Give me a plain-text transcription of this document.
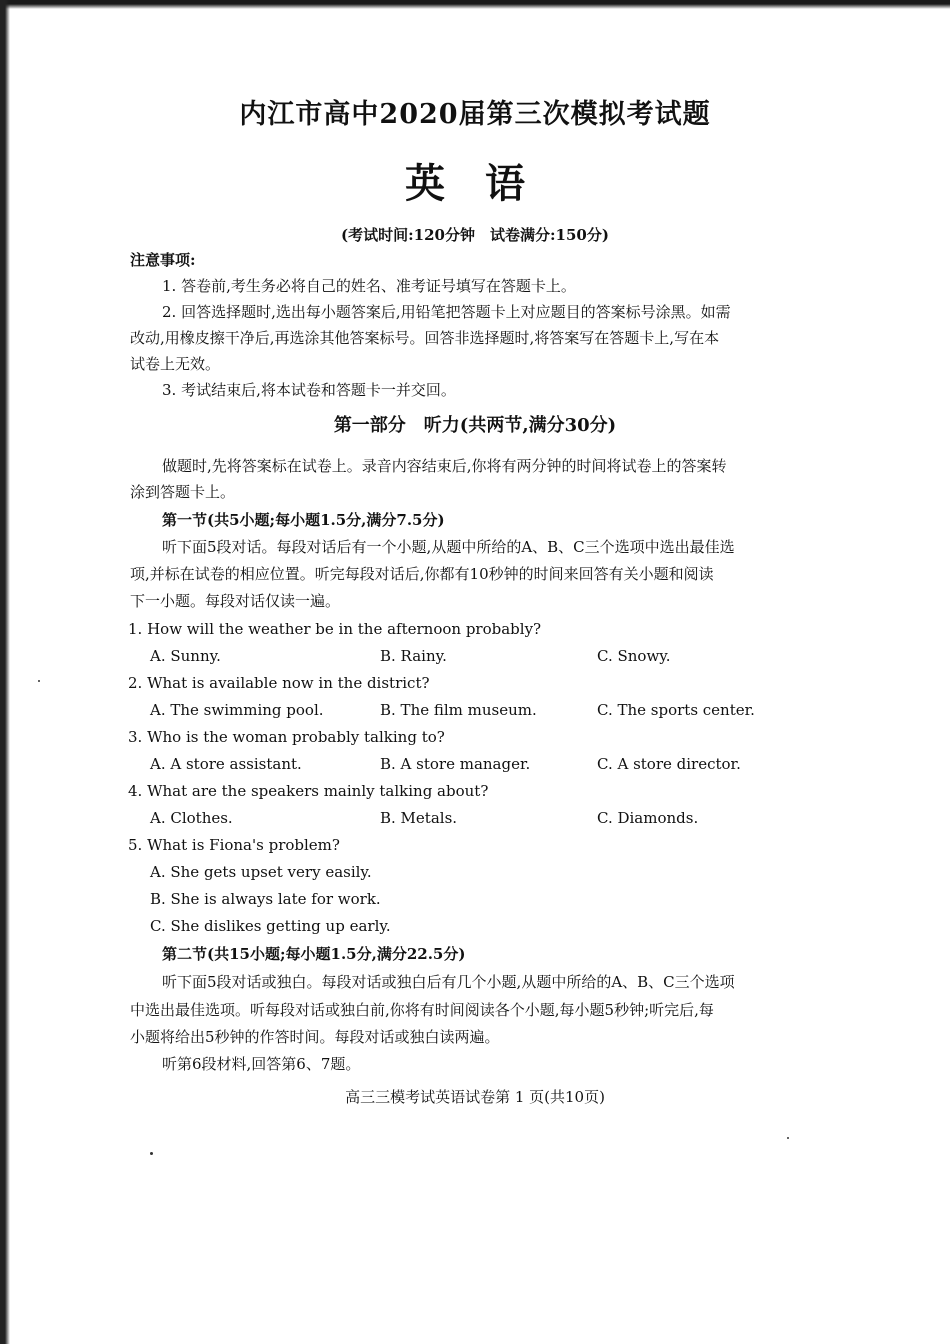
内江市高中2020届第三次模拟考试题
英语
(考试时间:120分钟　试卷满分:150分)
注意事项:
1. 答卷前,考生务必将自己的姓名、准考证号填写在答题卡上。
2. 回答选择题时,选出每小题答案后,用铅笔把答题卡上对应题目的答案标号涂黑。如需
改动,用橡皮擦干净后,再选涂其他答案标号。回答非选择题时,将答案写在答题卡上,写在本
试卷上无效。
3. 考试结束后,将本试卷和答题卡一并交回。
第一部分　听力(共两节,满分30分)
做题时,先将答案标在试卷上。录音内容结束后,你将有两分钟的时间将试卷上的答案转
涂到答题卡上。
第一节(共5小题;每小题1.5分,满分7.5分)
听下面5段对话。每段对话后有一个小题,从题中所给的A、B、C三个选项中选出最佳选
项,并标在试卷的相应位置。听完每段对话后,你都有10秒钟的时间来回答有关小题和阅读
下一小题。每段对话仅读一遍。
1. How will the weather be in the afternoon probably?
A. Sunny.	B. Rainy.	C. Snowy.
2. What is available now in the district?
A. The swimming pool.	B. The film museum.	C. The sports center.
3. Who is the woman probably talking to?
A. A store assistant.	B. A store manager.	C. A store director.
4. What are the speakers mainly talking about?
A. Clothes.	B. Metals.	C. Diamonds.
5. What is Fiona's problem?
A. She gets upset very easily.
B. She is always late for work.
C. She dislikes getting up early.
第二节(共15小题;每小题1.5分,满分22.5分)
听下面5段对话或独白。每段对话或独白后有几个小题,从题中所给的A、B、C三个选项
中选出最佳选项。听每段对话或独白前,你将有时间阅读各个小题,每小题5秒钟;听完后,每
小题将给出5秒钟的作答时间。每段对话或独白读两遍。
听第6段材料,回答第6、7题。
高三三模考试英语试卷第 1 页(共10页)
